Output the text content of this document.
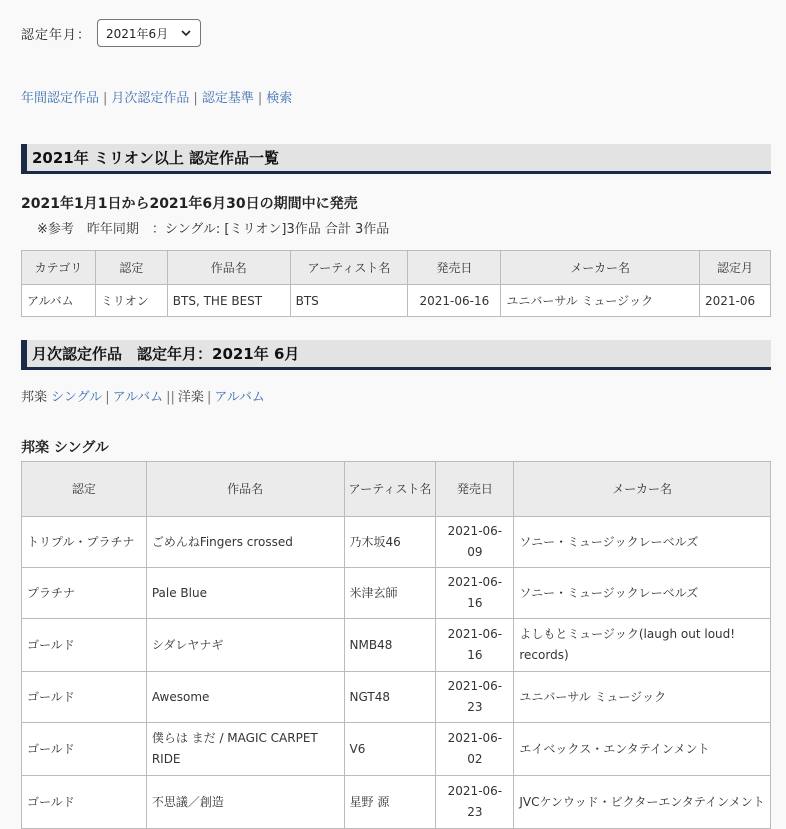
認定年月： 2021年6月
年間認定作品 | 月次認定作品 | 認定基準 | 検索
2021年 ミリオン以上 認定作品一覧
2021年1月1日から2021年6月30日の期間中に発売
※参考　昨年同期　：シングル: [ミリオン]3作品 合計 3作品
カテゴリ	認定	作品名	アーティスト名	発売日	メーカー名	認定月
アルバム	ミリオン	BTS, THE BEST	BTS	2021-06-16	ユニバーサル ミュージック	2021-06
月次認定作品　認定年月：2021年 6月
邦楽 シングル | アルバム || 洋楽 | アルバム
邦楽 シングル
認定	作品名	アーティスト名	発売日	メーカー名
トリプル・プラチナ	ごめんねFingers crossed	乃木坂46	2021-06-09	ソニー・ミュージックレーベルズ
プラチナ	Pale Blue	米津玄師	2021-06-16	ソニー・ミュージックレーベルズ
ゴールド	シダレヤナギ	NMB48	2021-06-16	よしもとミュージック(laugh out loud! records)
ゴールド	Awesome	NGT48	2021-06-23	ユニバーサル ミュージック
ゴールド	僕らは まだ / MAGIC CARPET RIDE	V6	2021-06-02	エイベックス・エンタテインメント
ゴールド	不思議／創造	星野 源	2021-06-23	JVCケンウッド・ビクターエンタテインメント
